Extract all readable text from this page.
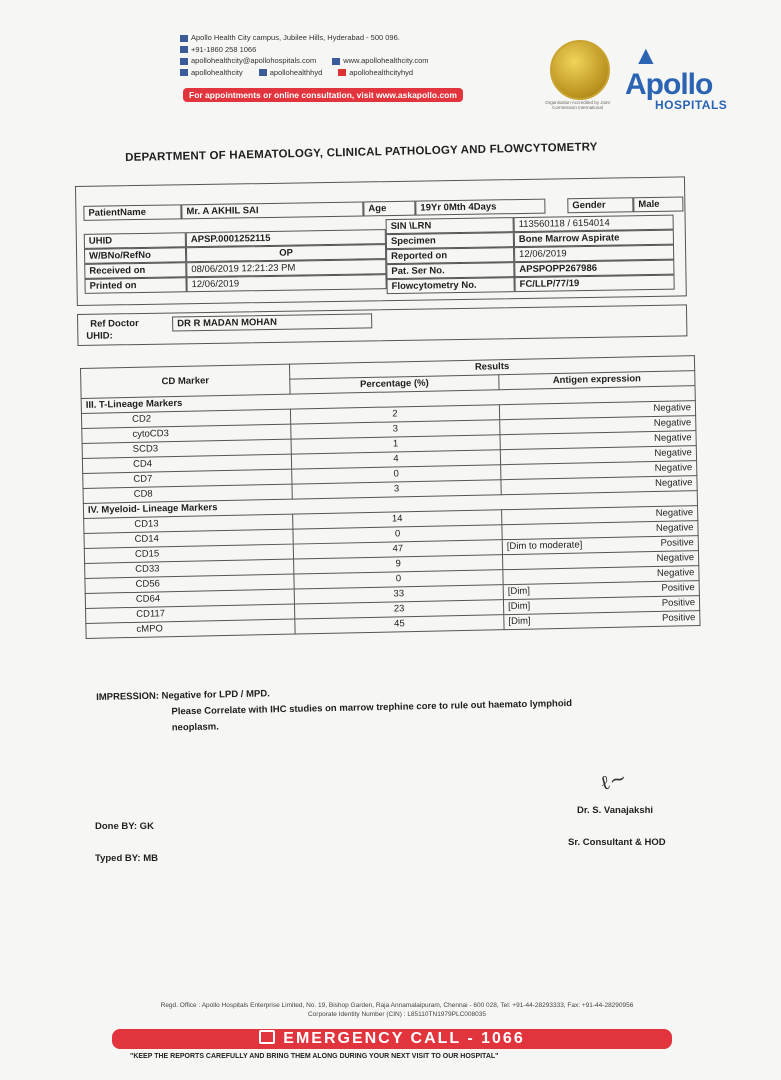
Apollo Health City campus, Jubilee Hills, Hyderabad - 500 096.
+91-1860 258 1066
apollohealthcity@apollohospitals.com	www.apollohealthcity.com
apollohealthcity	apollohealthhyd	apollohealthcityhyd
For appointments or online consultation, visit www.askapollo.com
Organisation Accredited by Joint Commission International
▲
Apollo
HOSPITALS
DEPARTMENT OF HAEMATOLOGY, CLINICAL PATHOLOGY AND FLOWCYTOMETRY
PatientName	Mr. A AKHIL SAI	Age	19Yr 0Mth 4Days	Gender	Male
UHID	APSP.0001252115
W/BNo/RefNo	OP
Received on	08/06/2019 12:21:23 PM
Printed on	12/06/2019
SIN \LRN	113560118 / 6154014
Specimen	Bone Marrow Aspirate
Reported on	12/06/2019
Pat. Ser No.	APSPOPP267986
Flowcytometry No.	FC/LLP/77/19
Ref Doctor	DR R MADAN MOHAN
UHID:
CD Marker	Results	
	Percentage (%)	Antigen expression
III. T-Lineage Markers		
CD2	2	Negative
cytoCD3	3	Negative
SCD3	1	Negative
CD4	4	Negative
CD7	0	Negative
CD8	3	Negative
IV. Myeloid- Lineage Markers		
CD13	14	Negative
CD14	0	Negative
CD15	47	[Dim to moderate] Positive
CD33	9	Negative
CD56	0	Negative
CD64	33	[Dim] Positive
CD117	23	[Dim] Positive
cMPO	45	[Dim] Positive
IMPRESSION: Negative for LPD / MPD.
Please Correlate with IHC studies on marrow trephine core to rule out haemato lymphoid
neoplasm.
ℓ~
Dr. S. Vanajakshi
Sr. Consultant & HOD
Done BY: GK
Typed BY: MB
Regd. Office : Apollo Hospitals Enterprise Limited, No. 19, Bishop Garden, Raja Annamalaipuram, Chennai - 600 028, Tel: +91-44-28293333, Fax: +91-44-28290956
Corporate Identity Number (CIN) : L85110TN1979PLC008035
EMERGENCY CALL - 1066
"KEEP THE REPORTS CAREFULLY AND BRING THEM ALONG DURING YOUR NEXT VISIT TO OUR HOSPITAL"
